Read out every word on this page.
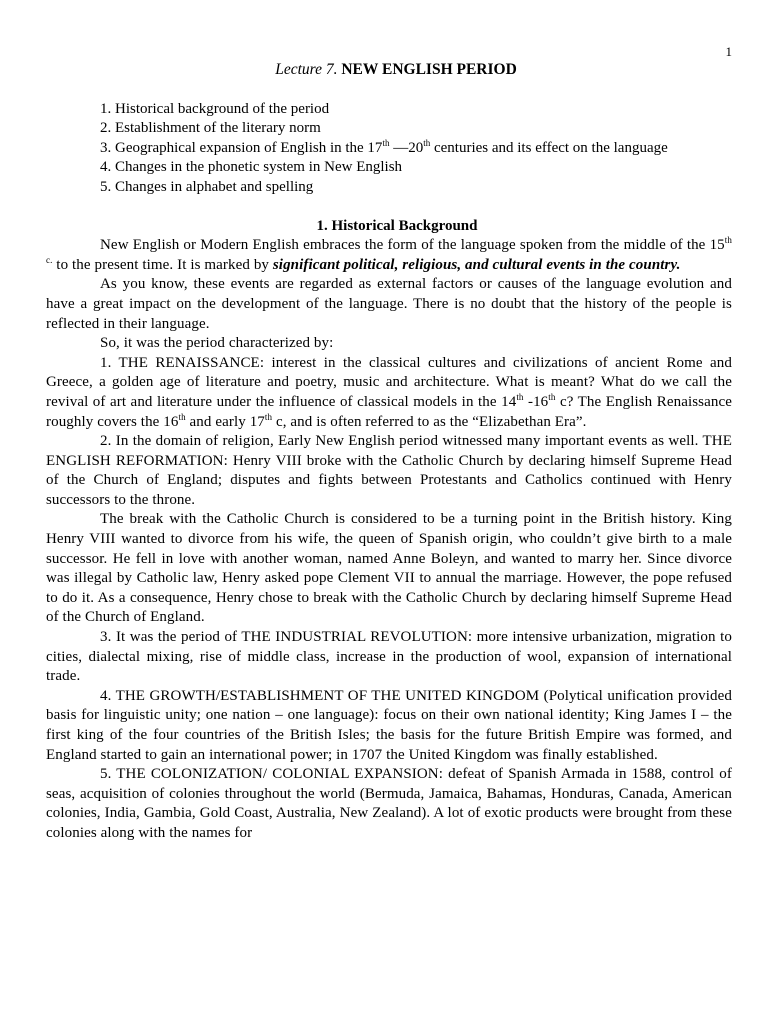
1
Lecture 7. NEW ENGLISH PERIOD

1. Historical background of the period

2. Establishment of the literary norm

3. Geographical expansion of English in the 17th —20th centuries and its effect on the language

4. Changes in the phonetic system in New English

5. Changes in alphabet and spelling

1. Historical Background

New English or Modern English embraces the form of the language spoken from the middle of the $15^{th c.}$ to the present time. It is marked by significant political, religious, and cultural events in the country.

As you know, these events are regarded as external factors or causes of the language evolution and have a great impact on the development of the language. There is no doubt that the history of the people is reflected in their language.

So, it was the period characterized by:

1. THE RENAISSANCE: interest in the classical cultures and civilizations of ancient Rome and Greece, a golden age of literature and poetry, music and architecture. What is meant? What do we call the revival of art and literature under the influence of classical models in the 14th -16th c? The English Renaissance roughly covers the 16th and early 17th c, and is often referred to as the “Elizabethan Era”.

2. In the domain of religion, Early New English period witnessed many important events as well. THE ENGLISH REFORMATION: Henry VIII broke with the Catholic Church by declaring himself Supreme Head of the Church of England; disputes and fights between Protestants and Catholics continued with Henry successors to the throne.

The break with the Catholic Church is considered to be a turning point in the British history. King Henry VIII wanted to divorce from his wife, the queen of Spanish origin, who couldn’t give birth to a male successor. He fell in love with another woman, named Anne Boleyn, and wanted to marry her. Since divorce was illegal by Catholic law, Henry asked pope Clement VII to annual the marriage. However, the pope refused to do it. As a consequence, Henry chose to break with the Catholic Church by declaring himself Supreme Head of the Church of England.

3. It was the period of THE INDUSTRIAL REVOLUTION: more intensive urbanization, migration to cities, dialectal mixing, rise of middle class, increase in the production of wool, expansion of international trade.

4. THE GROWTH/ESTABLISHMENT OF THE UNITED KINGDOM (Polytical unification provided basis for linguistic unity; one nation – one language): focus on their own national identity; King James I – the first king of the four countries of the British Isles; the basis for the future British Empire was formed, and England started to gain an international power; in 1707 the United Kingdom was finally established.

5. THE COLONIZATION/ COLONIAL EXPANSION: defeat of Spanish Armada in 1588, control of seas, acquisition of colonies throughout the world (Bermuda, Jamaica, Bahamas, Honduras, Canada, American colonies, India, Gambia, Gold Coast, Australia, New Zealand). A lot of exotic products were brought from these colonies along with the names for
